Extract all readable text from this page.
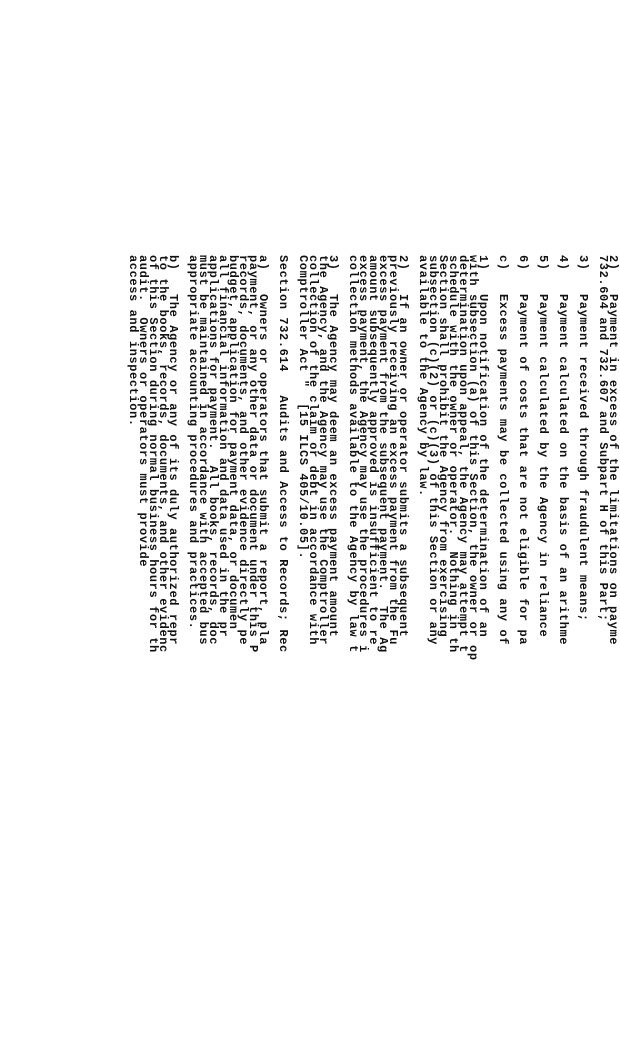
2)   Payment in excess of the limitations on payme
732.604 and 732.607 and Subpart H of this Part;
3)   Payment received through fraudulent means;
4)   Payment calculated on the basis of an arithme
5)   Payment calculated by the Agency in reliance
6)   Payment of costs that are not eligible for pa
c)   Excess payments may be collected using any of
1)   Upon notification of the determination of an
with subsection (a) of this Section, the owner or op
determination upon appeal, the Agency may attempt t
schedule with the owner or operator.  Nothing in th
Section shall prohibit the Agency from exercising
subsection (c)(2) or (c)(3) of this Section or any
available to the Agency by law.
2)   If an owner or operator submits a subsequent
previously receiving an excess payment from the Fu
excess payment from the subsequent payment.  The Ag
amount subsequently approved is insufficient to re
excess payment, the Agency may use the procedures i
collection methods available to the Agency by law t
3)   The Agency may deem an excess payment amount
the Agency, and the Agency may use the Comptroller
collection of the claim or debt in accordance with
Comptroller Act "  [15 ILCS 405/10.05].
Section 732.614   Audits and Access to Records; Rec
a)   Owners or operators that submit a report, pla
payment, or any other data or document under this P
records, documents, and other evidence directly pe
budget, application for payment data, or documen
all financial information and data used in the pr
applications for payment.  All books, records, doc
must be maintained in accordance with accepted bus
appropriate accounting procedures and practices.
b)   The Agency or any of its duly authorized repr
to the books, records, documents, and other evidenc
of this Section during normal business hours for th
audit.  Owners or operators must provide
access and inspection.
